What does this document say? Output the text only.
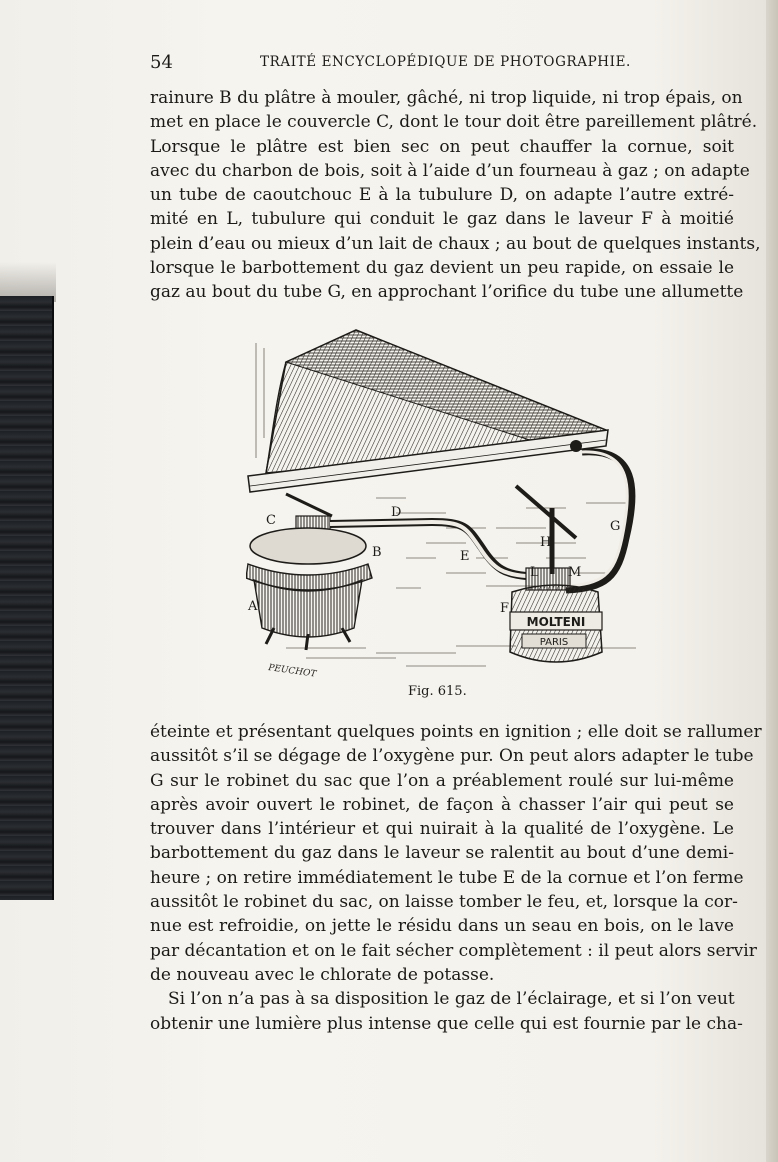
54	TRAITÉ ENCYCLOPÉDIQUE DE PHOTOGRAPHIE.
rainure B du plâtre à mouler, gâché, ni trop liquide, ni trop épais, on
met en place le couvercle C, dont le tour doit être pareillement plâtré.
Lorsque le plâtre est bien sec on peut chauffer la cornue, soit
avec du charbon de bois, soit à l’aide d’un fourneau à gaz ; on adapte
un tube de caoutchouc E à la tubulure D, on adapte l’autre extré-
mité en L, tubulure qui conduit le gaz dans le laveur F à moitié
plein d’eau ou mieux d’un lait de chaux ; au bout de quelques instants,
lorsque le barbottement du gaz devient un peu rapide, on essaie le
gaz au bout du tube G, en approchant l’orifice du tube une allumette
MOLTENI
PARIS
C
D
B	E
A
H
L M
G
F
PEUCHOT
Fig. 615.
éteinte et présentant quelques points en ignition ; elle doit se rallumer
aussitôt s’il se dégage de l’oxygène pur. On peut alors adapter le tube
G sur le robinet du sac que l’on a préablement roulé sur lui-même
après avoir ouvert le robinet, de façon à chasser l’air qui peut se
trouver dans l’intérieur et qui nuirait à la qualité de l’oxygène. Le
barbottement du gaz dans le laveur se ralentit au bout d’une demi-
heure ; on retire immédiatement le tube E de la cornue et l’on ferme
aussitôt le robinet du sac, on laisse tomber le feu, et, lorsque la cor-
nue est refroidie, on jette le résidu dans un seau en bois, on le lave
par décantation et on le fait sécher complètement : il peut alors servir
de nouveau avec le chlorate de potasse.
Si l’on n’a pas à sa disposition le gaz de l’éclairage, et si l’on veut
obtenir une lumière plus intense que celle qui est fournie par le cha-
